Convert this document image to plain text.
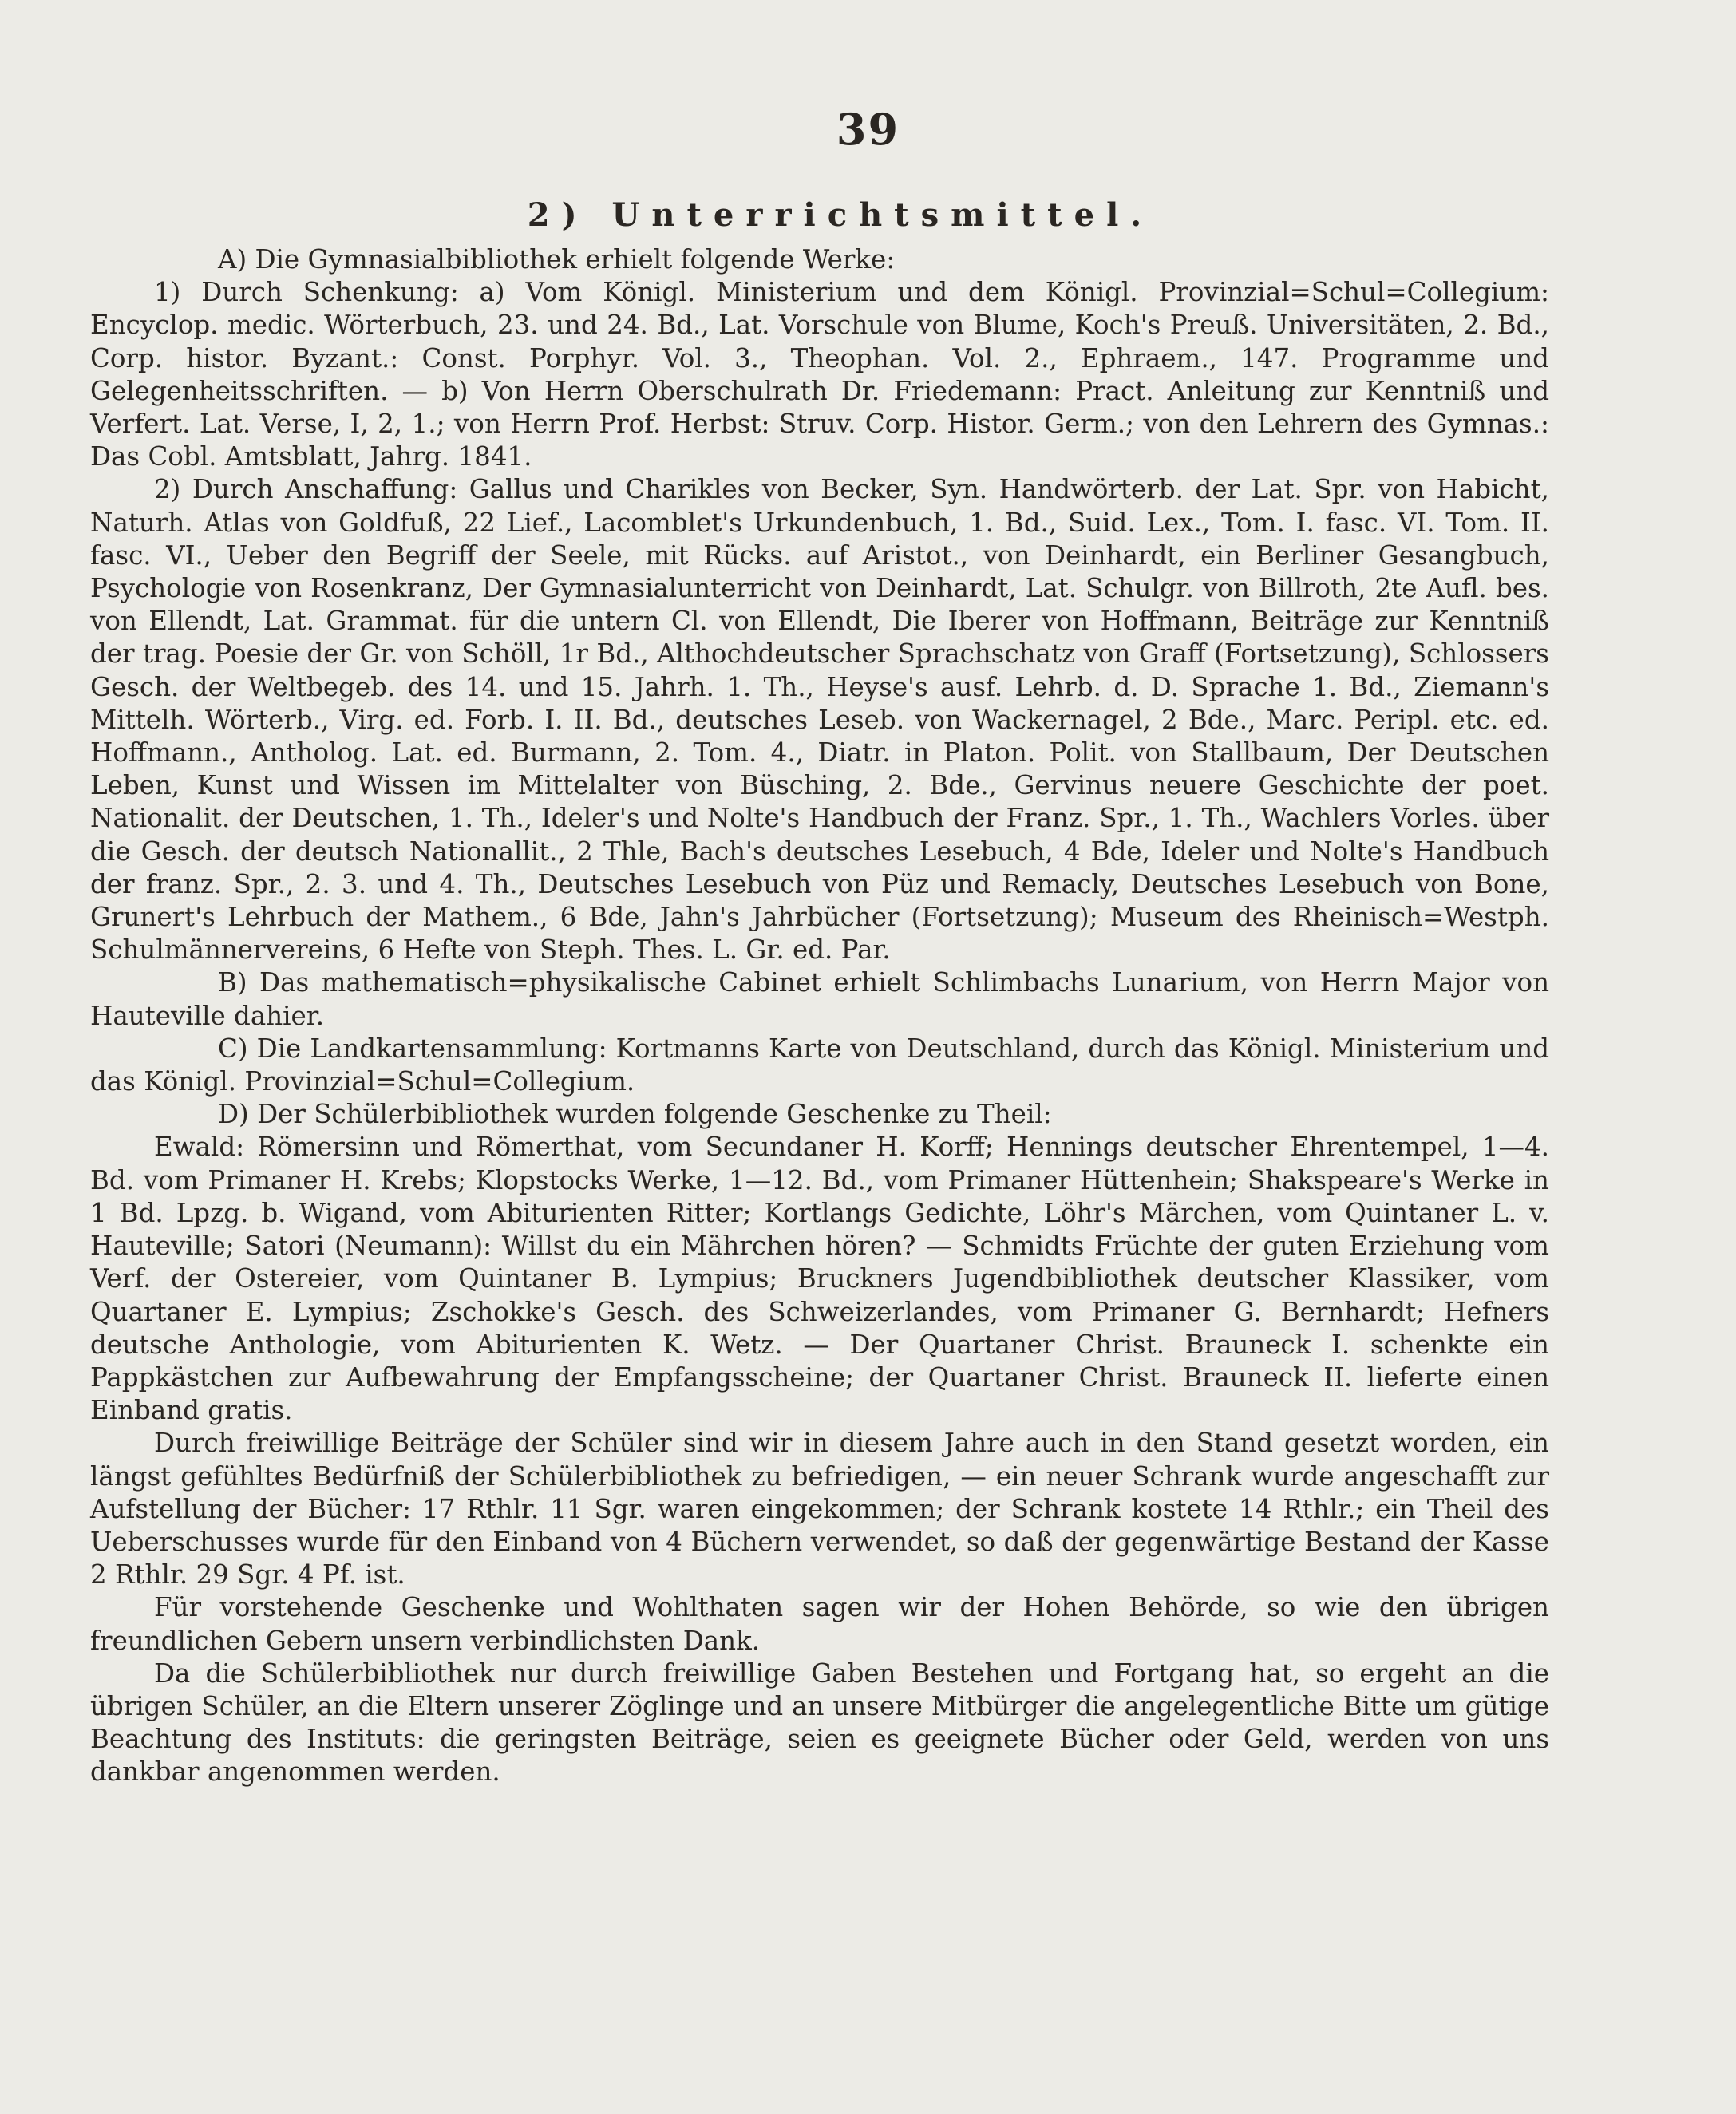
39
2) Unterrichtsmittel.

A) Die Gymnasialbibliothek erhielt folgende Werke:

1) Durch Schenkung: a) Vom Königl. Ministerium und dem Königl. Provinzial=Schul=Collegium: Encyclop. medic. Wörterbuch, 23. und 24. Bd., Lat. Vorschule von Blume, Koch's Preuß. Universitäten, 2. Bd., Corp. histor. Byzant.: Const. Porphyr. Vol. 3., Theophan. Vol. 2., Ephraem., 147. Programme und Gelegenheitsschriften. — b) Von Herrn Oberschulrath Dr. Friedemann: Pract. Anleitung zur Kenntniß und Verfert. Lat. Verse, I, 2, 1.; von Herrn Prof. Herbst: Struv. Corp. Histor. Germ.; von den Lehrern des Gymnas.: Das Cobl. Amtsblatt, Jahrg. 1841.

2) Durch Anschaffung: Gallus und Charikles von Becker, Syn. Handwörterb. der Lat. Spr. von Habicht, Naturh. Atlas von Goldfuß, 22 Lief., Lacomblet's Urkundenbuch, 1. Bd., Suid. Lex., Tom. I. fasc. VI. Tom. II. fasc. VI., Ueber den Begriff der Seele, mit Rücks. auf Aristot., von Deinhardt, ein Berliner Gesangbuch, Psychologie von Rosenkranz, Der Gymnasialunterricht von Deinhardt, Lat. Schulgr. von Billroth, 2te Aufl. bes. von Ellendt, Lat. Grammat. für die untern Cl. von Ellendt, Die Iberer von Hoffmann, Beiträge zur Kenntniß der trag. Poesie der Gr. von Schöll, 1r Bd., Althochdeutscher Sprachschatz von Graff (Fortsetzung), Schlossers Gesch. der Weltbegeb. des 14. und 15. Jahrh. 1. Th., Heyse's ausf. Lehrb. d. D. Sprache 1. Bd., Ziemann's Mittelh. Wörterb., Virg. ed. Forb. I. II. Bd., deutsches Leseb. von Wackernagel, 2 Bde., Marc. Peripl. etc. ed. Hoffmann., Antholog. Lat. ed. Burmann, 2. Tom. 4., Diatr. in Platon. Polit. von Stallbaum, Der Deutschen Leben, Kunst und Wissen im Mittelalter von Büsching, 2. Bde., Gervinus neuere Geschichte der poet. Nationalit. der Deutschen, 1. Th., Ideler's und Nolte's Handbuch der Franz. Spr., 1. Th., Wachlers Vorles. über die Gesch. der deutsch Nationallit., 2 Thle, Bach's deutsches Lesebuch, 4 Bde, Ideler und Nolte's Handbuch der franz. Spr., 2. 3. und 4. Th., Deutsches Lesebuch von Püz und Remacly, Deutsches Lesebuch von Bone, Grunert's Lehrbuch der Mathem., 6 Bde, Jahn's Jahrbücher (Fortsetzung); Museum des Rheinisch=Westph. Schulmännervereins, 6 Hefte von Steph. Thes. L. Gr. ed. Par.

B) Das mathematisch=physikalische Cabinet erhielt Schlimbachs Lunarium, von Herrn Major von Hauteville dahier.

C) Die Landkartensammlung: Kortmanns Karte von Deutschland, durch das Königl. Ministerium und das Königl. Provinzial=Schul=Collegium.

D) Der Schülerbibliothek wurden folgende Geschenke zu Theil:

Ewald: Römersinn und Römerthat, vom Secundaner H. Korff; Hennings deutscher Ehrentempel, 1—4. Bd. vom Primaner H. Krebs; Klopstocks Werke, 1—12. Bd., vom Primaner Hüttenhein; Shakspeare's Werke in 1 Bd. Lpzg. b. Wigand, vom Abiturienten Ritter; Kortlangs Gedichte, Löhr's Märchen, vom Quintaner L. v. Hauteville; Satori (Neumann): Willst du ein Mährchen hören? — Schmidts Früchte der guten Erziehung vom Verf. der Ostereier, vom Quintaner B. Lympius; Bruckners Jugendbibliothek deutscher Klassiker, vom Quartaner E. Lympius; Zschokke's Gesch. des Schweizerlandes, vom Primaner G. Bernhardt; Hefners deutsche Anthologie, vom Abiturienten K. Wetz. — Der Quartaner Christ. Brauneck I. schenkte ein Pappkästchen zur Aufbewahrung der Empfangsscheine; der Quartaner Christ. Brauneck II. lieferte einen Einband gratis.

Durch freiwillige Beiträge der Schüler sind wir in diesem Jahre auch in den Stand gesetzt worden, ein längst gefühltes Bedürfniß der Schülerbibliothek zu befriedigen, — ein neuer Schrank wurde angeschafft zur Aufstellung der Bücher: 17 Rthlr. 11 Sgr. waren eingekommen; der Schrank kostete 14 Rthlr.; ein Theil des Ueberschusses wurde für den Einband von 4 Büchern verwendet, so daß der gegenwärtige Bestand der Kasse 2 Rthlr. 29 Sgr. 4 Pf. ist.

Für vorstehende Geschenke und Wohlthaten sagen wir der Hohen Behörde, so wie den übrigen freundlichen Gebern unsern verbindlichsten Dank.

Da die Schülerbibliothek nur durch freiwillige Gaben Bestehen und Fortgang hat, so ergeht an die übrigen Schüler, an die Eltern unserer Zöglinge und an unsere Mitbürger die angelegentliche Bitte um gütige Beachtung des Instituts: die geringsten Beiträge, seien es geeignete Bücher oder Geld, werden von uns dankbar angenommen werden.
